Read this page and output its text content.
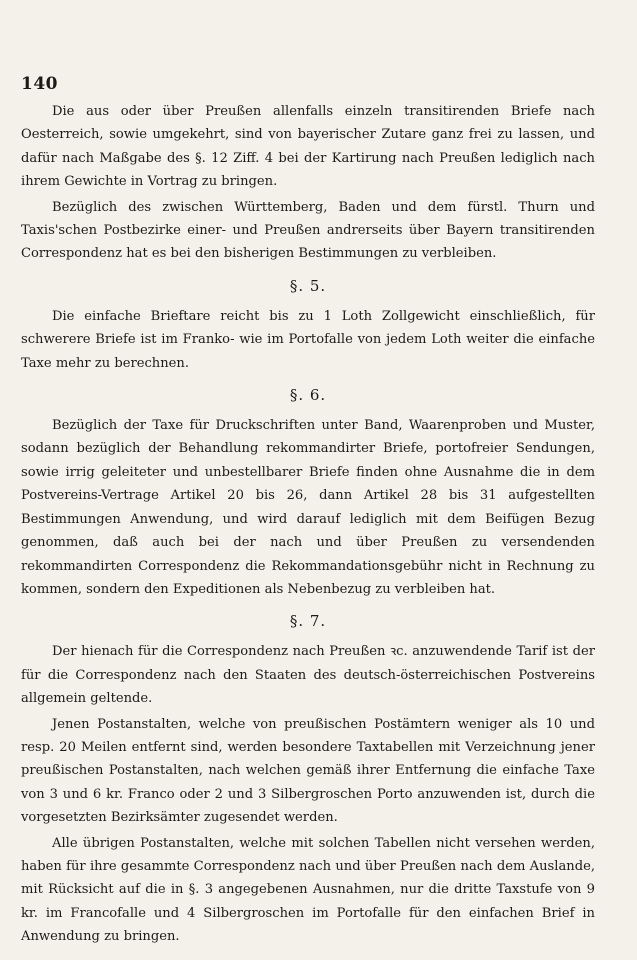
140

Die aus oder über Preußen allenfalls einzeln transitirenden Briefe nach Oesterreich, sowie umgekehrt, sind von bayerischer Zutare ganz frei zu lassen, und dafür nach Maßgabe des §. 12 Ziff. 4 bei der Kartirung nach Preußen lediglich nach ihrem Gewichte in Vortrag zu bringen.

Bezüglich des zwischen Württemberg, Baden und dem fürstl. Thurn und Taxis'schen Postbezirke einer- und Preußen andrerseits über Bayern transitirenden Correspondenz hat es bei den bisherigen Bestimmungen zu verbleiben.

§. 5.

Die einfache Brieftare reicht bis zu 1 Loth Zollgewicht einschließlich, für schwerere Briefe ist im Franko- wie im Portofalle von jedem Loth weiter die einfache Taxe mehr zu berechnen.

§. 6.

Bezüglich der Taxe für Druckschriften unter Band, Waarenproben und Muster, sodann bezüglich der Behandlung rekommandirter Briefe, portofreier Sendungen, sowie irrig geleiteter und unbestellbarer Briefe finden ohne Ausnahme die in dem Postvereins-Vertrage Artikel 20 bis 26, dann Artikel 28 bis 31 aufgestellten Bestimmungen Anwendung, und wird darauf lediglich mit dem Beifügen Bezug genommen, daß auch bei der nach und über Preußen zu versendenden rekommandirten Correspondenz die Rekommandationsgebühr nicht in Rechnung zu kommen, sondern den Expeditionen als Nebenbezug zu verbleiben hat.

§. 7.

Der hienach für die Correspondenz nach Preußen ꝛc. anzuwendende Tarif ist der für die Correspondenz nach den Staaten des deutsch-österreichischen Postvereins allgemein geltende.

Jenen Postanstalten, welche von preußischen Postämtern weniger als 10 und resp. 20 Meilen entfernt sind, werden besondere Taxtabellen mit Verzeichnung jener preußischen Postanstalten, nach welchen gemäß ihrer Entfernung die einfache Taxe von 3 und 6 kr. Franco oder 2 und 3 Silbergroschen Porto anzuwenden ist, durch die vorgesetzten Bezirksämter zugesendet werden.

Alle übrigen Postanstalten, welche mit solchen Tabellen nicht versehen werden, haben für ihre gesammte Correspondenz nach und über Preußen nach dem Auslande, mit Rücksicht auf die in §. 3 angegebenen Ausnahmen, nur die dritte Taxstufe von 9 kr. im Francofalle und 4 Silbergroschen im Portofalle für den einfachen Brief in Anwendung zu bringen.
